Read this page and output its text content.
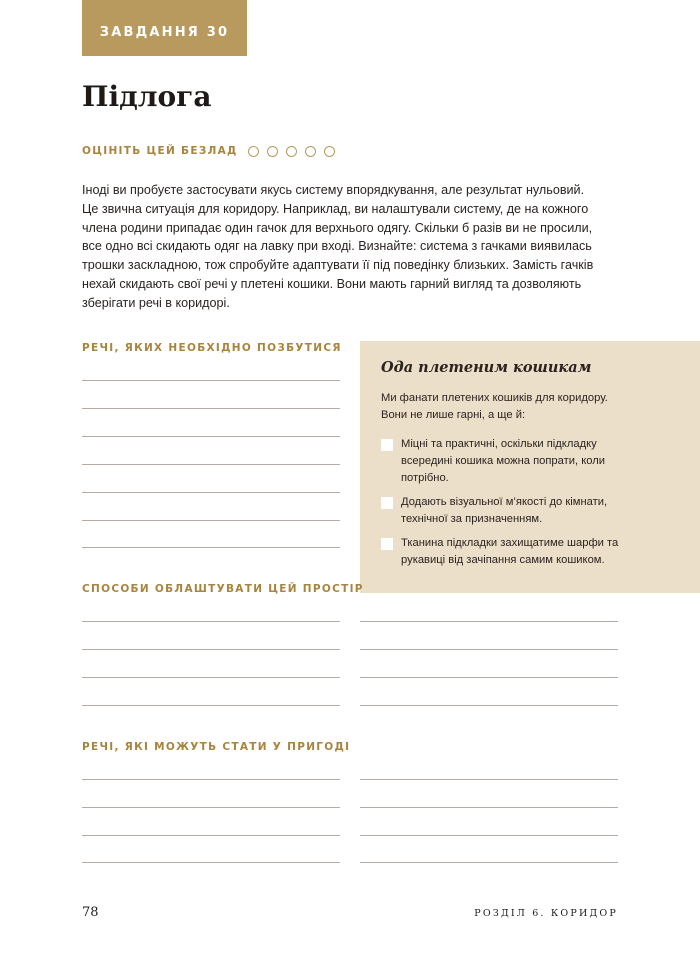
ЗАВДАННЯ 30
Підлога
ОЦІНІТЬ ЦЕЙ БЕЗЛАД

Іноді ви пробуєте застосувати якусь систему впорядкування, але результат нульовий.
Це звична ситуація для коридору. Наприклад, ви налаштували систему, де на кожного
члена родини припадає один гачок для верхнього одягу. Скільки б разів ви не просили,
все одно всі скидають одяг на лавку при вході. Визнайте: система з гачками виявилась
трошки заскладною, тож спробуйте адаптувати її під поведінку близьких. Замість гачків
нехай скидають свої речі у плетені кошики. Вони мають гарний вигляд та дозволяють
зберігати речі в коридорі.

РЕЧІ, ЯКИХ НЕОБХІДНО ПОЗБУТИСЯ
Ода плетеним кошикам

Ми фанати плетених кошиків для коридору.
Вони не лише гарні, а ще й:

Міцні та практичні, оскільки підкладку
всередині кошика можна попрати, коли
потрібно.
Додають візуальної м’якості до кімнати,
технічної за призначенням.
Тканина підкладки захищатиме шарфи та
рукавиці від зачіпання самим кошиком.
СПОСОБИ ОБЛАШТУВАТИ ЦЕЙ ПРОСТІР
РЕЧІ, ЯКІ МОЖУТЬ СТАТИ У ПРИГОДІ
78	РОЗДІЛ 6. КОРИДОР
